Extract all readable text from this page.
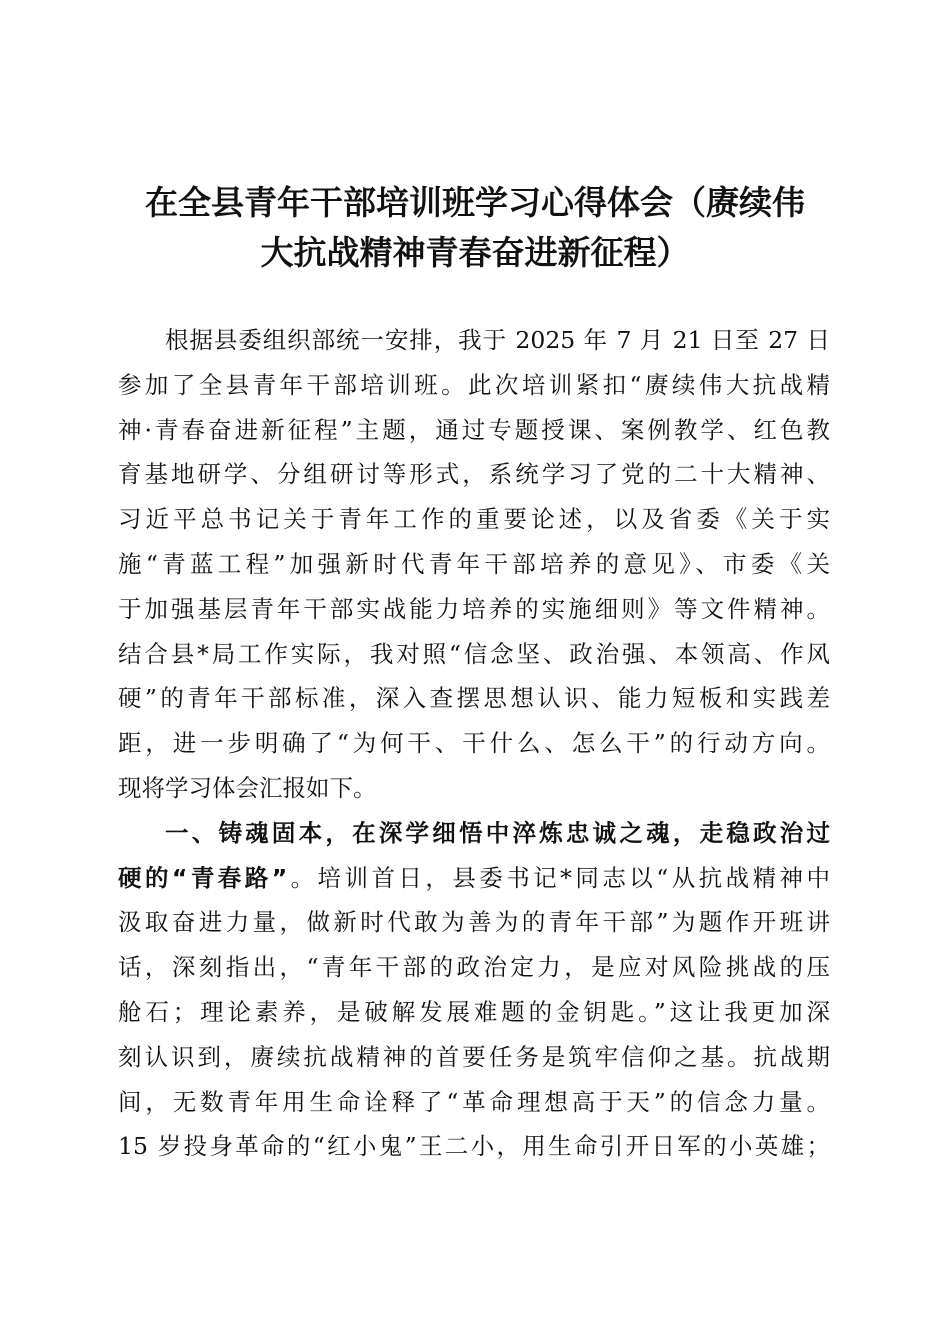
在全县青年干部培训班学习心得体会（赓续伟
大抗战精神青春奋进新征程）
根据县委组织部统一安排，我于 2025 年 7 月 21 日至 27 日
参加了全县青年干部培训班。此次培训紧扣“赓续伟大抗战精
神·青春奋进新征程”主题，通过专题授课、案例教学、红色教
育基地研学、分组研讨等形式，系统学习了党的二十大精神、
习近平总书记关于青年工作的重要论述，以及省委《关于实
施“青蓝工程”加强新时代青年干部培养的意见》、市委《关
于加强基层青年干部实战能力培养的实施细则》等文件精神。
结合县*局工作实际，我对照“信念坚、政治强、本领高、作风
硬”的青年干部标准，深入查摆思想认识、能力短板和实践差
距，进一步明确了“为何干、干什么、怎么干”的行动方向。
现将学习体会汇报如下。
一、铸魂固本，在深学细悟中淬炼忠诚之魂，走稳政治过
硬的“青春路”。培训首日，县委书记*同志以“从抗战精神中
汲取奋进力量，做新时代敢为善为的青年干部”为题作开班讲
话，深刻指出，“青年干部的政治定力，是应对风险挑战的压
舱石；理论素养，是破解发展难题的金钥匙。”这让我更加深
刻认识到，赓续抗战精神的首要任务是筑牢信仰之基。抗战期
间，无数青年用生命诠释了“革命理想高于天”的信念力量。
15 岁投身革命的“红小鬼”王二小，用生命引开日军的小英雄；
